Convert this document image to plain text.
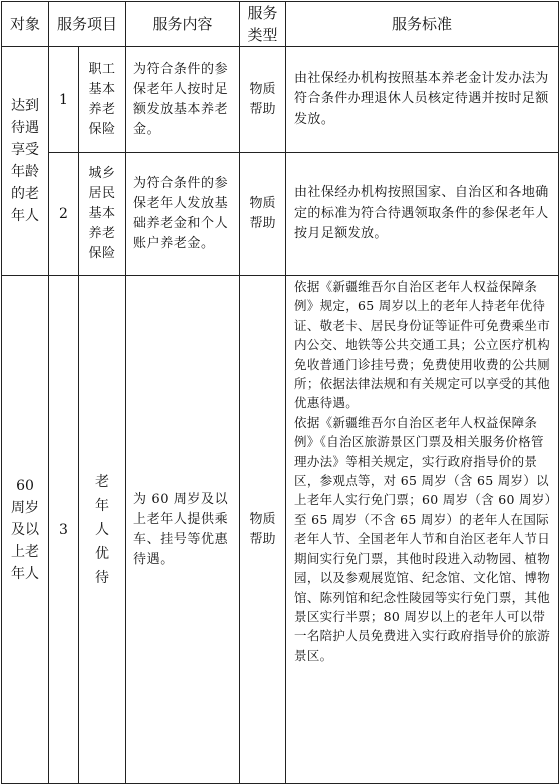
对象	服务项目		服务内容	服务类型	服务标准
达到待遇享受年龄的老年人	1	职工基本养老保险	为符合条件的参保老年人按时足额发放基本养老金。	物质帮助	由社保经办机构按照基本养老金计发办法为符合条件办理退休人员核定待遇并按时足额发放。
	2	城乡居民基本养老保险	为符合条件的参保老年人发放基础养老金和个人账户养老金。	物质帮助	由社保经办机构按照国家、自治区和各地确定的标准为符合待遇领取条件的参保老年人按月足额发放。
60周岁及以上老年人	3	老年人优待	为 60 周岁及以上老年人提供乘车、挂号等优惠待遇。	物质帮助	依据《新疆维吾尔自治区老年人权益保障条例》规定，65 周岁以上的老年人持老年优待证、敬老卡、居民身份证等证件可免费乘坐市内公交、地铁等公共交通工具；公立医疗机构免收普通门诊挂号费；免费使用收费的公共厕所；依据法律法规和有关规定可以享受的其他优惠待遇。

依据《新疆维吾尔自治区老年人权益保障条例》《自治区旅游景区门票及相关服务价格管理办法》等相关规定，实行政府指导价的景区，参观点等，对 65 周岁（含 65 周岁）以上老年人实行免门票；60 周岁（含 60 周岁）至 65 周岁（不含 65 周岁）的老年人在国际老年人节、全国老年人节和自治区老年人节日期间实行免门票，其他时段进入动物园、植物园，以及参观展览馆、纪念馆、文化馆、博物馆、陈列馆和纪念性陵园等实行免门票，其他景区实行半票；80 周岁以上的老年人可以带一名陪护人员免费进入实行政府指导价的旅游景区。
